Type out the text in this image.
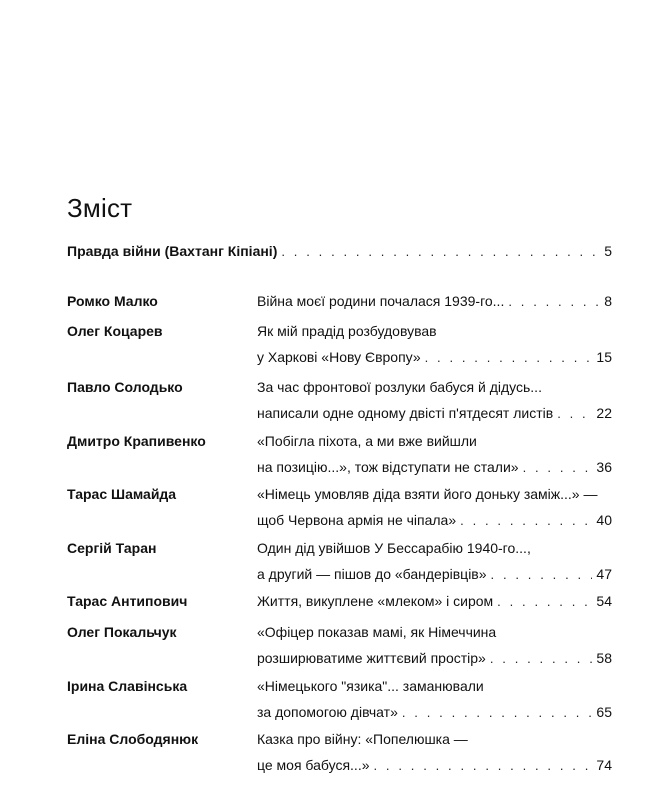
Зміст
Правда війни (Вахтанг Кіпіані) . . .	5
Ромко Малко	Війна моєї родини почалася 1939-го... . . .	8
Олег Коцарев	Як мій прадід розбудовував
у Харкові «Нову Європу» . . .	15
Павло Солодько	За час фронтової розлуки бабуся й дідусь...
написали одне одному двісті п'ятдесят листів . . .	22
Дмитро Крапивенко	«Побігла піхота, а ми вже вийшли
на позицію...», тож відступати не стали» . . .	36
Тарас Шамайда	«Німець умовляв діда взяти його доньку заміж...» —
щоб Червона армія не чіпала» . . .	40
Сергій Таран	Один дід увійшов У Бессарабію 1940-го...,
а другий — пішов до «бандерівців» . . .	47
Тарас Антипович	Життя, викуплене «млеком» і сиром . . .	54
Олег Покальчук	«Офіцер показав мамі, як Німеччина
розширюватиме життєвий простір» . . .	58
Ірина Славінська	«Німецького "язика"... заманювали
за допомогою дівчат» . . .	65
Еліна Слободянюк	Казка про війну: «Попелюшка —
це моя бабуся...» . . .	74
